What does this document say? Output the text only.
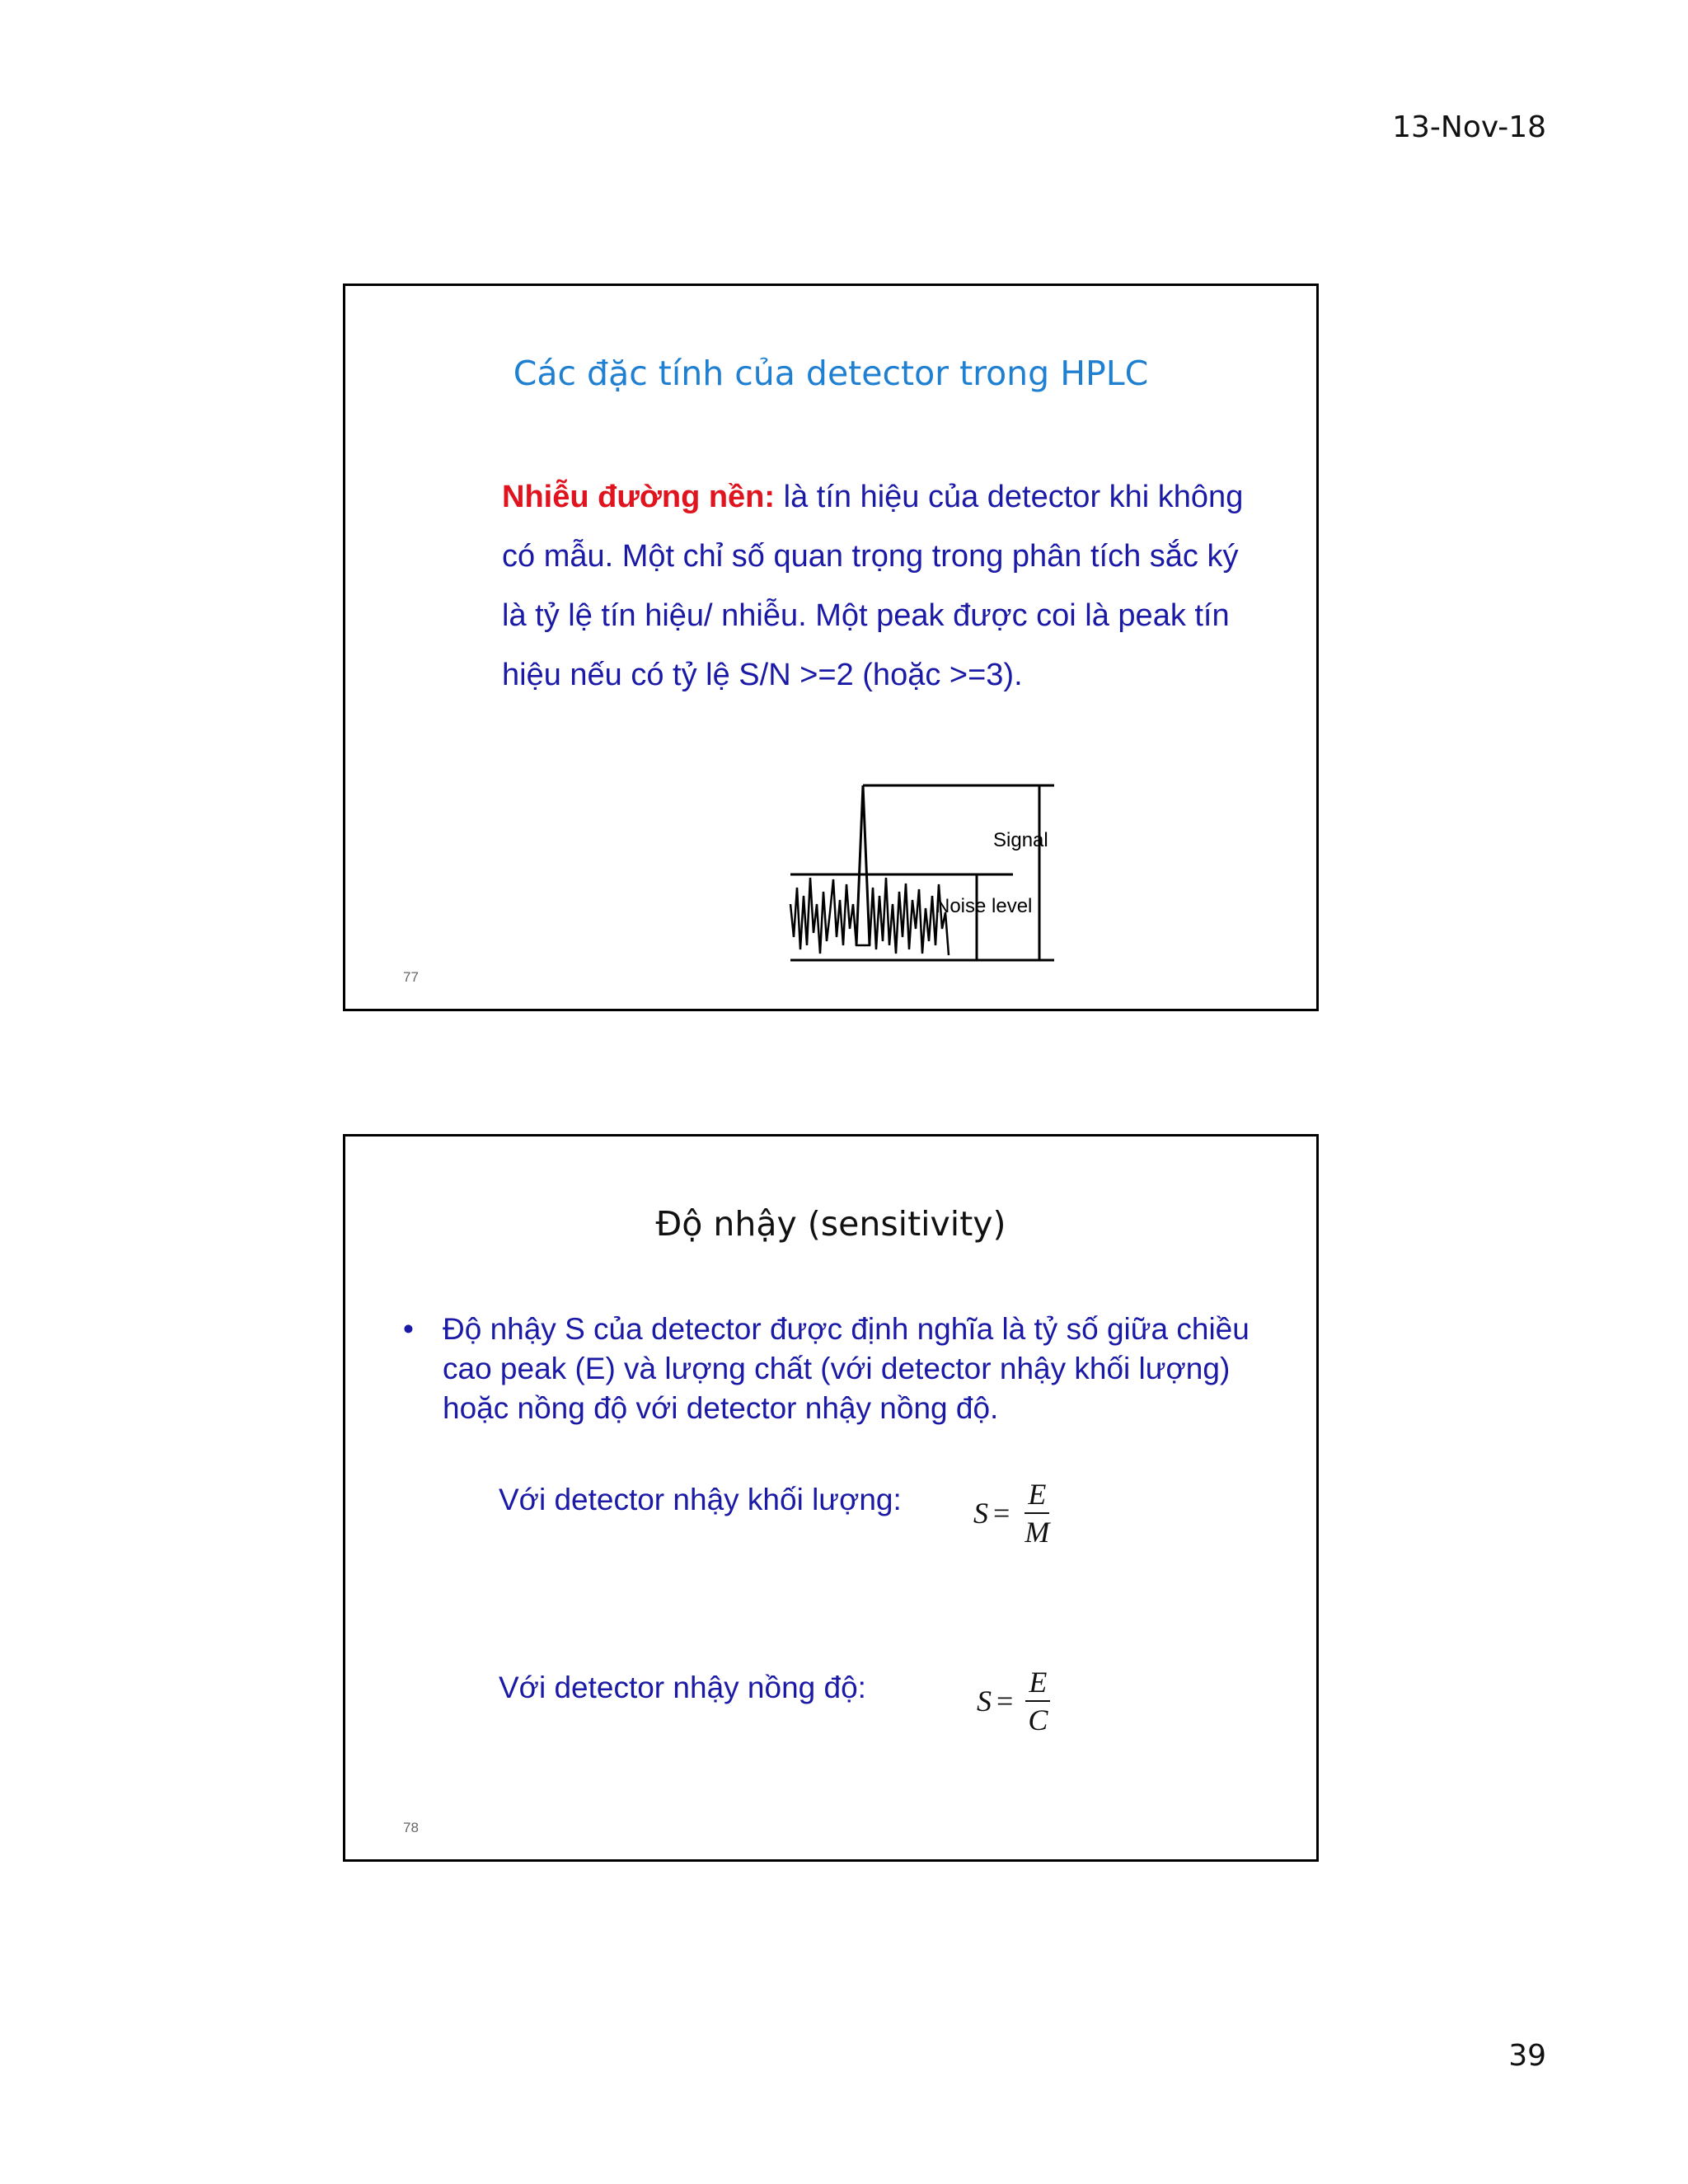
13-Nov-18
Các đặc tính của detector trong HPLC
Nhiễu đường nền: là tín hiệu của detector khi không có mẫu. Một chỉ số quan trọng trong phân tích sắc ký là tỷ lệ tín hiệu/ nhiễu. Một peak được coi là peak tín hiệu nếu có tỷ lệ S/N >=2 (hoặc >=3).
Signal
Noise level
77
Độ nhậy (sensitivity)
• Độ nhậy S của detector được định nghĩa là tỷ số giữa chiều cao peak (E) và lượng chất (với detector nhậy khối lượng) hoặc nồng độ với detector nhậy nồng độ.
Với detector nhậy khối lượng: $S = \frac{E}{M}$
Với detector nhậy nồng độ:	$S = \frac{E}{C}$
78
39
